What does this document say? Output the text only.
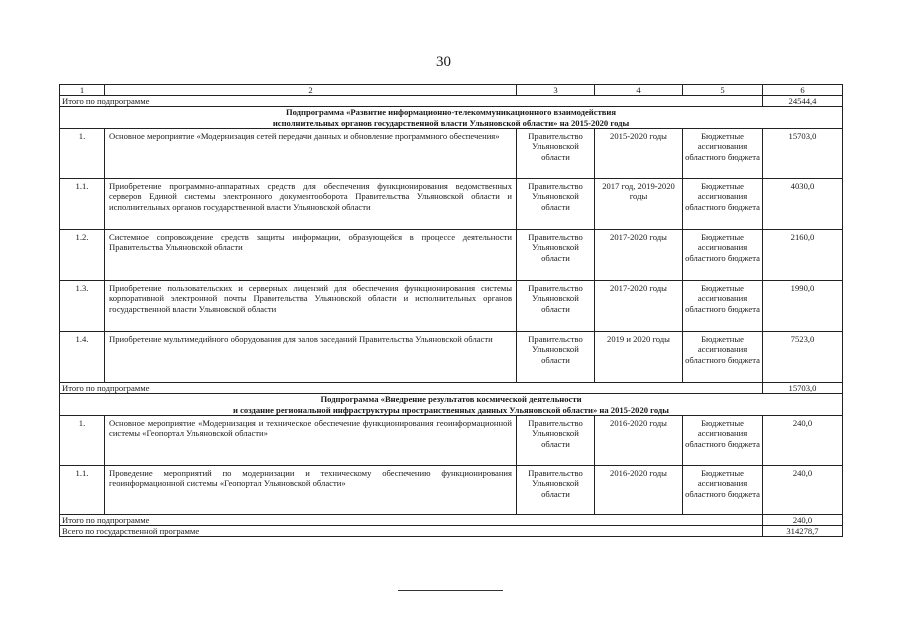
30
1	2	3	4	5	6
Итого по подпрограмме					24544,4

Подпрограмма «Развитие информационно-телекоммуникационного взаимодействия
исполнительных органов государственной власти Ульяновской области» на 2015-2020 годы					

1.	Основное мероприятие «Модернизация сетей передачи данных и обновление программного обеспечения»	Правительство Ульяновской области	2015-2020 годы	Бюджетные ассигнования областного бюджета	15703,0
1.1.	Приобретение программно-аппаратных средств для обеспечения функционирования ведомственных серверов Единой системы электронного документооборота Правительства Ульяновской области и исполнительных органов государственной власти Ульяновской области	Правительство Ульяновской области	2017 год, 2019-2020 годы	Бюджетные ассигнования областного бюджета	4030,0
1.2.	Системное сопровождение средств защиты информации, образующейся в процессе деятельности Правительства Ульяновской области	Правительство Ульяновской области	2017-2020 годы	Бюджетные ассигнования областного бюджета	2160,0
1.3.	Приобретение пользовательских и серверных лицензий для обеспечения функционирования системы корпоративной электронной почты Правительства Ульяновской области и исполнительных органов государственной власти Ульяновской области	Правительство Ульяновской области	2017-2020 годы	Бюджетные ассигнования областного бюджета	1990,0
1.4.	Приобретение мультимедийного оборудования для залов заседаний Правительства Ульяновской области	Правительство Ульяновской области	2019 и 2020 годы	Бюджетные ассигнования областного бюджета	7523,0
Итого по подпрограмме					15703,0

Подпрограмма «Внедрение результатов космической деятельности
и создание региональной инфраструктуры пространственных данных Ульяновской области» на 2015-2020 годы					

1.	Основное мероприятие «Модернизация и техническое обеспечение функционирования геоинформационной системы «Геопортал Ульяновской области»	Правительство Ульяновской области	2016-2020 годы	Бюджетные ассигнования областного бюджета	240,0
1.1.	Проведение мероприятий по модернизации и техническому обеспечению функционирования геоинформационной системы «Геопортал Ульяновской области»	Правительство Ульяновской области	2016-2020 годы	Бюджетные ассигнования областного бюджета	240,0
Итого по подпрограмме					240,0
Всего по государственной программе					314278,7
